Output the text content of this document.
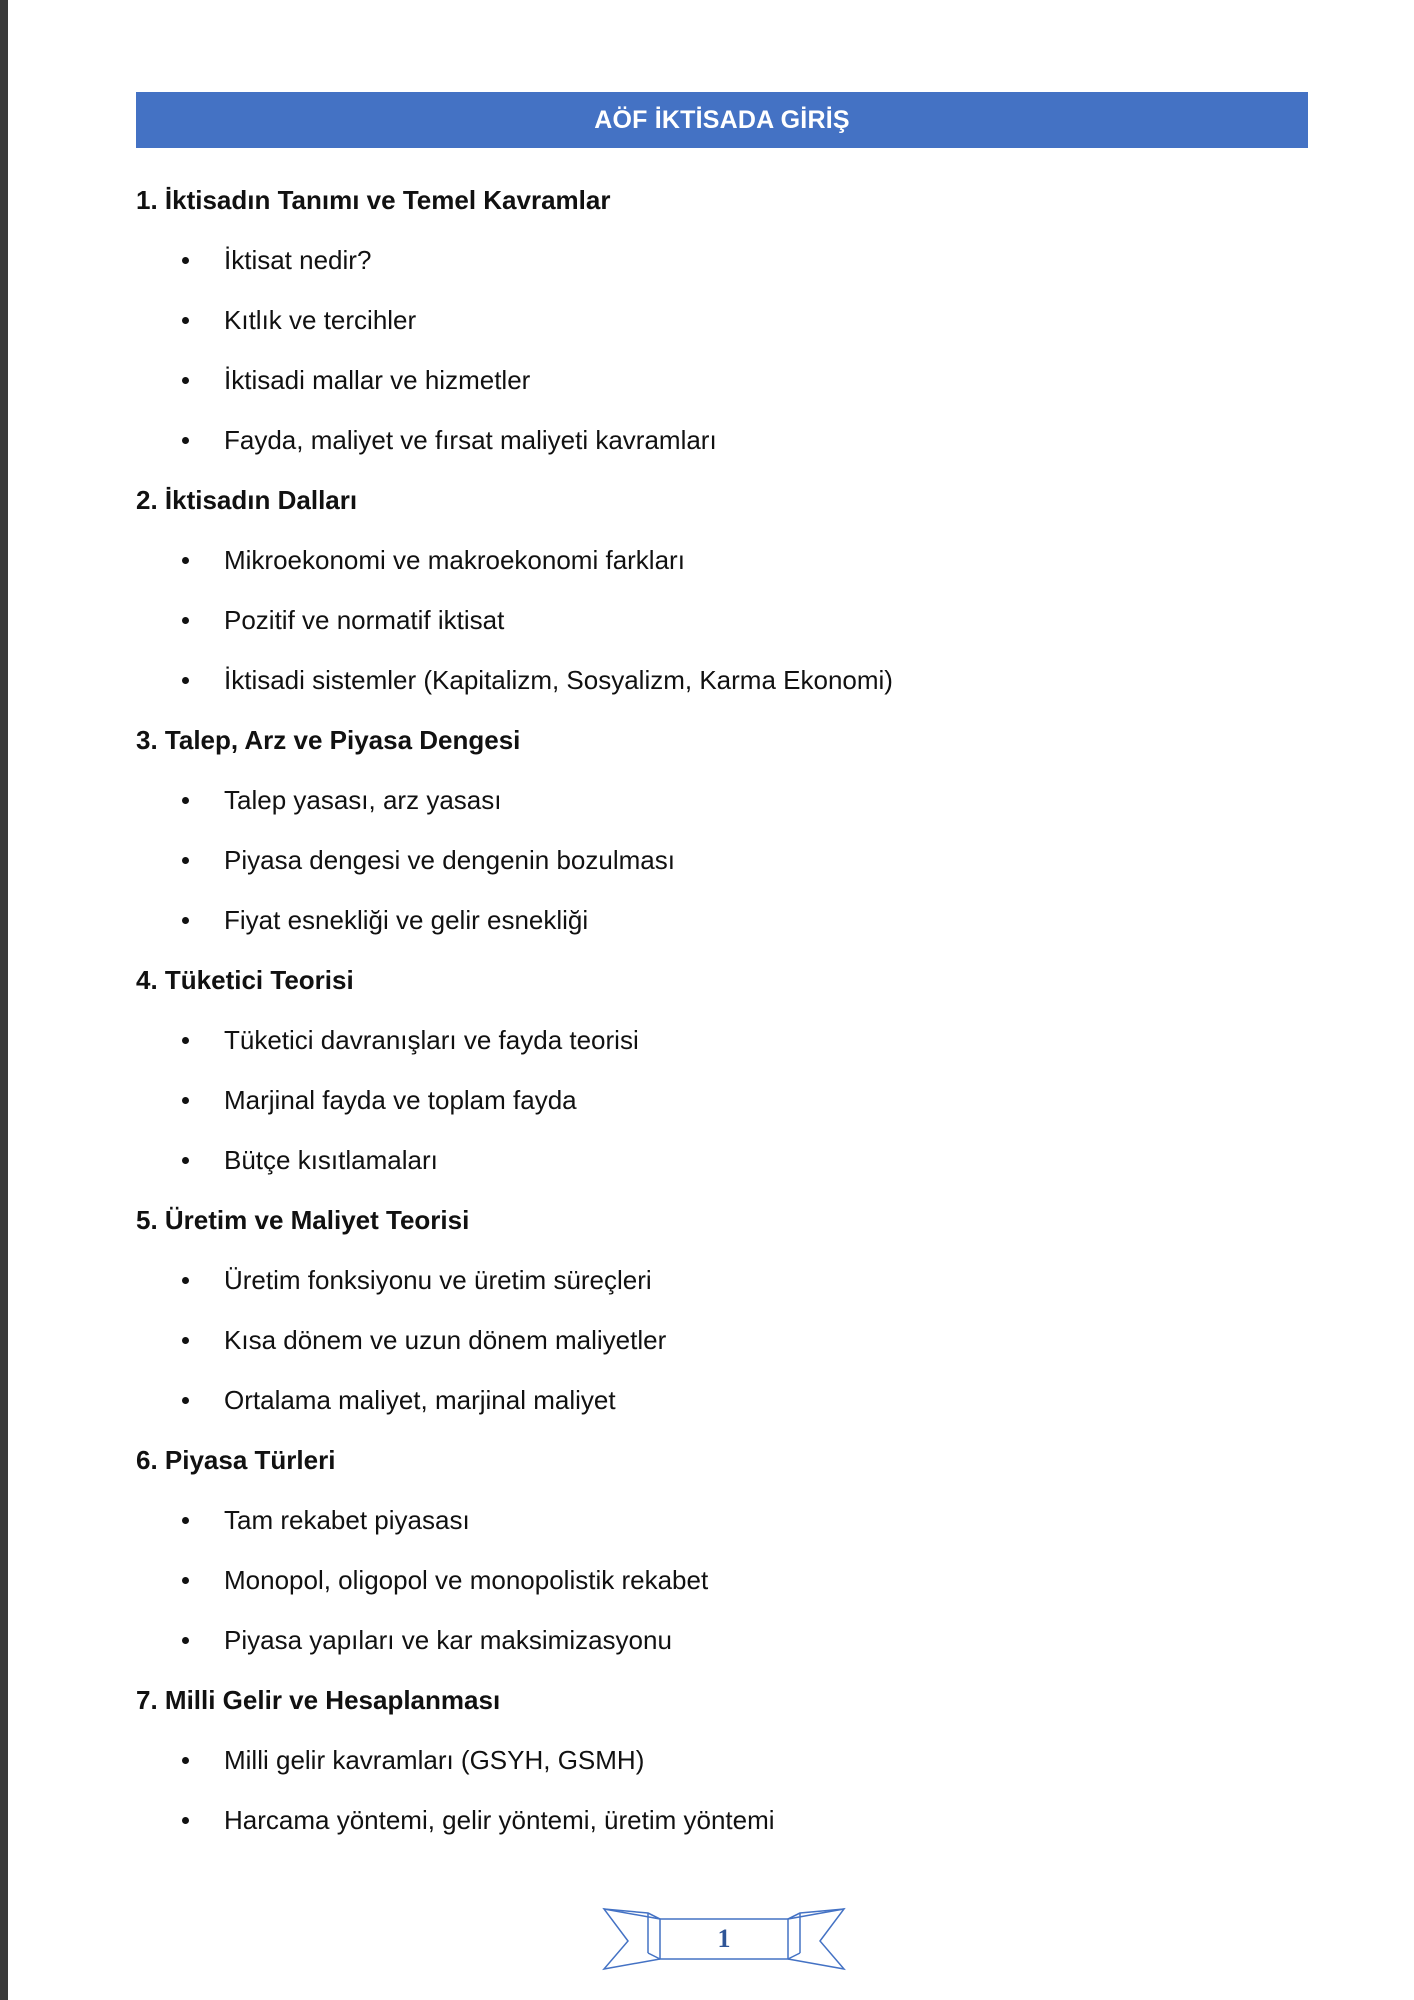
AÖF İKTİSADA GİRİŞ
1. İktisadın Tanımı ve Temel Kavramlar
İktisat nedir?
Kıtlık ve tercihler
İktisadi mallar ve hizmetler
Fayda, maliyet ve fırsat maliyeti kavramları
2. İktisadın Dalları
Mikroekonomi ve makroekonomi farkları
Pozitif ve normatif iktisat
İktisadi sistemler (Kapitalizm, Sosyalizm, Karma Ekonomi)
3. Talep, Arz ve Piyasa Dengesi
Talep yasası, arz yasası
Piyasa dengesi ve dengenin bozulması
Fiyat esnekliği ve gelir esnekliği
4. Tüketici Teorisi
Tüketici davranışları ve fayda teorisi
Marjinal fayda ve toplam fayda
Bütçe kısıtlamaları
5. Üretim ve Maliyet Teorisi
Üretim fonksiyonu ve üretim süreçleri
Kısa dönem ve uzun dönem maliyetler
Ortalama maliyet, marjinal maliyet
6. Piyasa Türleri
Tam rekabet piyasası
Monopol, oligopol ve monopolistik rekabet
Piyasa yapıları ve kar maksimizasyonu
7. Milli Gelir ve Hesaplanması
Milli gelir kavramları (GSYH, GSMH)
Harcama yöntemi, gelir yöntemi, üretim yöntemi
1
